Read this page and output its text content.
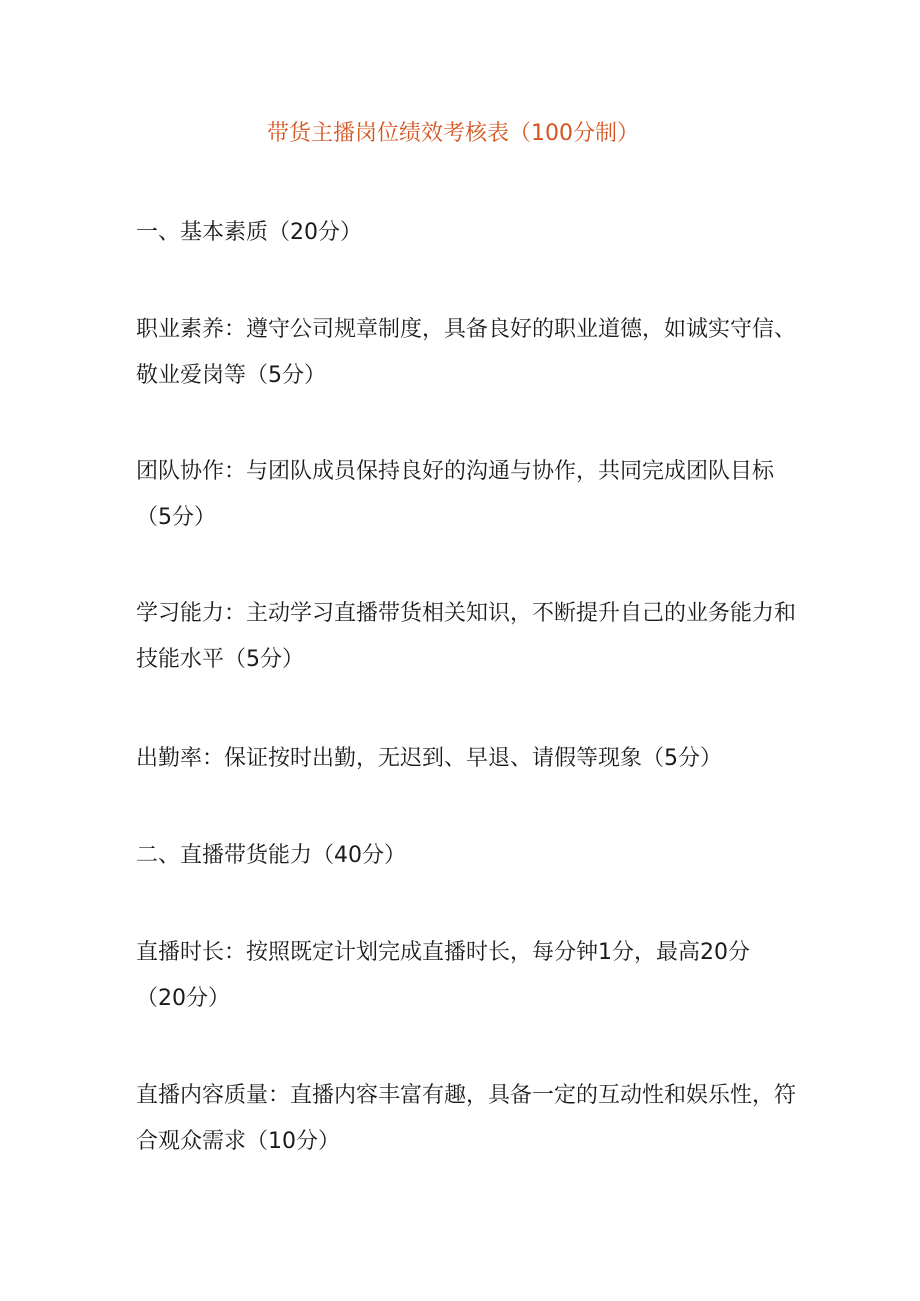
带货主播岗位绩效考核表（100分制）
一、基本素质（20分）
职业素养：遵守公司规章制度，具备良好的职业道德，如诚实守信、敬业爱岗等（5分）
团队协作：与团队成员保持良好的沟通与协作，共同完成团队目标（5分）
学习能力：主动学习直播带货相关知识，不断提升自己的业务能力和技能水平（5分）
出勤率：保证按时出勤，无迟到、早退、请假等现象（5分）
二、直播带货能力（40分）
直播时长：按照既定计划完成直播时长，每分钟1分，最高20分（20分）
直播内容质量：直播内容丰富有趣，具备一定的互动性和娱乐性，符合观众需求（10分）
